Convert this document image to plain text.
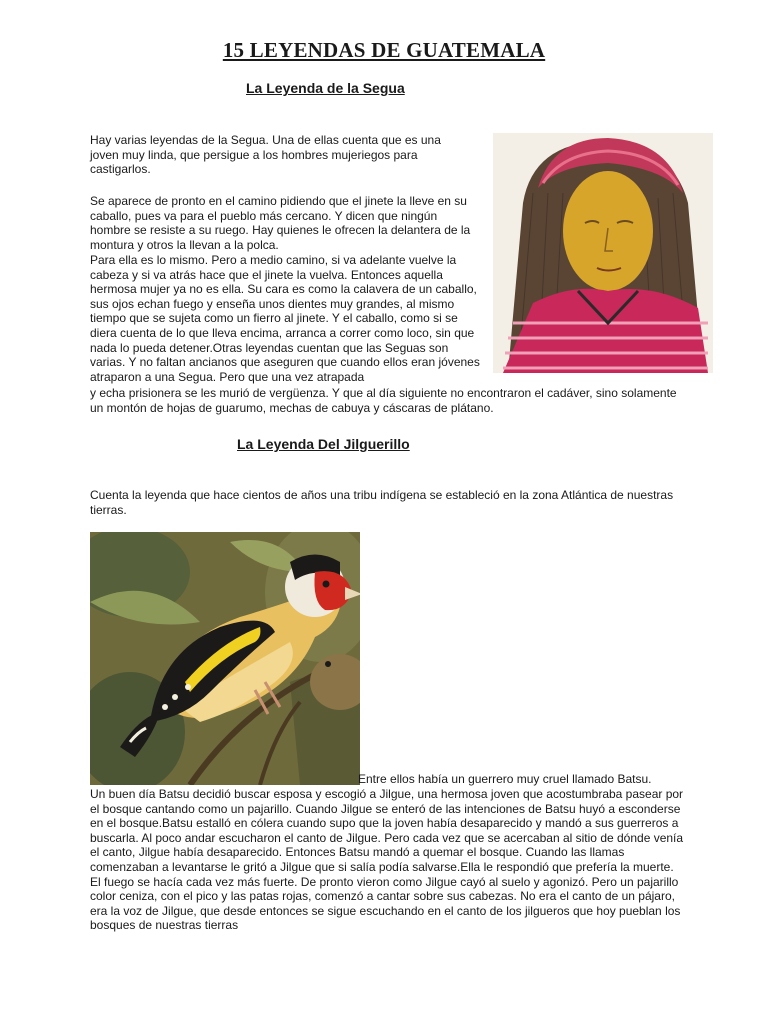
15 LEYENDAS DE GUATEMALA
La Leyenda de la Segua

Hay varias leyendas de la Segua. Una de ellas cuenta que es una joven muy linda, que persigue a los hombres mujeriegos para castigarlos.

Se aparece de pronto en el camino pidiendo que el jinete la lleve en su caballo, pues va para el pueblo más cercano. Y dicen que ningún hombre se resiste a su ruego. Hay quienes le ofrecen la delantera de la montura y otros la llevan a la polca.

Para ella es lo mismo. Pero a medio camino, si va adelante vuelve la cabeza y si va atrás hace que el jinete la vuelva. Entonces aquella hermosa mujer ya no es ella. Su cara es como la calavera de un caballo, sus ojos echan fuego y enseña unos dientes muy grandes, al mismo tiempo que se sujeta como un fierro al jinete. Y el caballo, como si se diera cuenta de lo que lleva encima, arranca a correr como loco, sin que nada lo pueda detener.Otras leyendas cuentan que las Seguas son varias. Y no faltan ancianos que aseguren que cuando ellos eran jóvenes atraparon a una Segua. Pero que una vez atrapada

y echa prisionera se les murió de vergüenza. Y que al día siguiente no encontraron el cadáver, sino solamente un montón de hojas de guarumo, mechas de cabuya y cáscaras de plátano.

La Leyenda Del Jilguerillo

Cuenta la leyenda que hace cientos de años una tribu indígena se estableció en la zona Atlántica de nuestras tierras.

Entre ellos había un guerrero muy cruel llamado Batsu.

Un buen día Batsu decidió buscar esposa y escogió a Jilgue, una hermosa joven que acostumbraba pasear por el bosque cantando como un pajarillo. Cuando Jilgue se enteró de las intenciones de Batsu huyó a esconderse en el bosque.Batsu estalló en cólera cuando supo que la joven había desaparecido y mandó a sus guerreros a buscarla. Al poco andar escucharon el canto de Jilgue. Pero cada vez que se acercaban al sitio de dónde venía el canto, Jilgue había desaparecido. Entonces Batsu mandó a quemar el bosque. Cuando las llamas comenzaban a levantarse le gritó a Jilgue que si salía podía salvarse.Ella le respondió que prefería la muerte. El fuego se hacía cada vez más fuerte. De pronto vieron como Jilgue cayó al suelo y agonizó. Pero un pajarillo color ceniza, con el pico y las patas rojas, comenzó a cantar sobre sus cabezas. No era el canto de un pájaro, era la voz de Jilgue, que desde entonces se sigue escuchando en el canto de los jilgueros que hoy pueblan los bosques de nuestras tierras
